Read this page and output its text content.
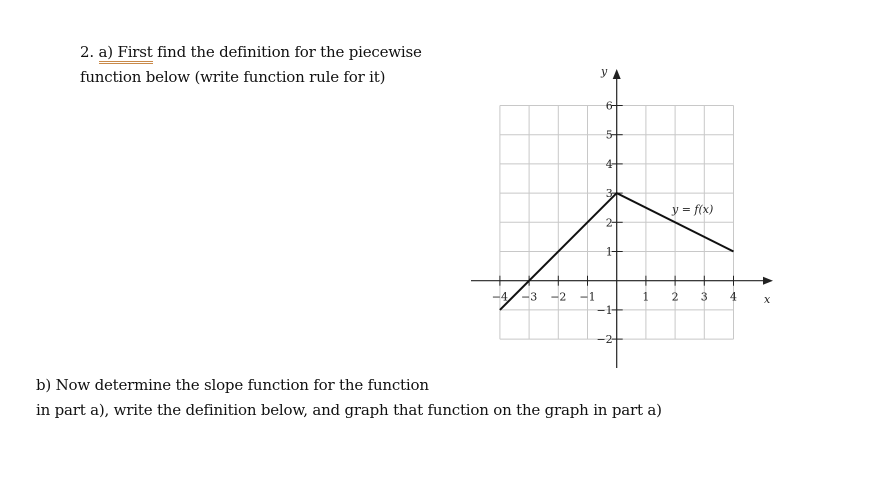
2. a) First find the definition for the piecewise
function below (write function rule for it)
b) Now determine the slope function for the function
in part a), write the definition below, and graph that function on the graph in part a)
x
y
−4 −3 −2 −1	1 2 3 4
6
5
4
3
2
1
−1
−2
y = f(x)
